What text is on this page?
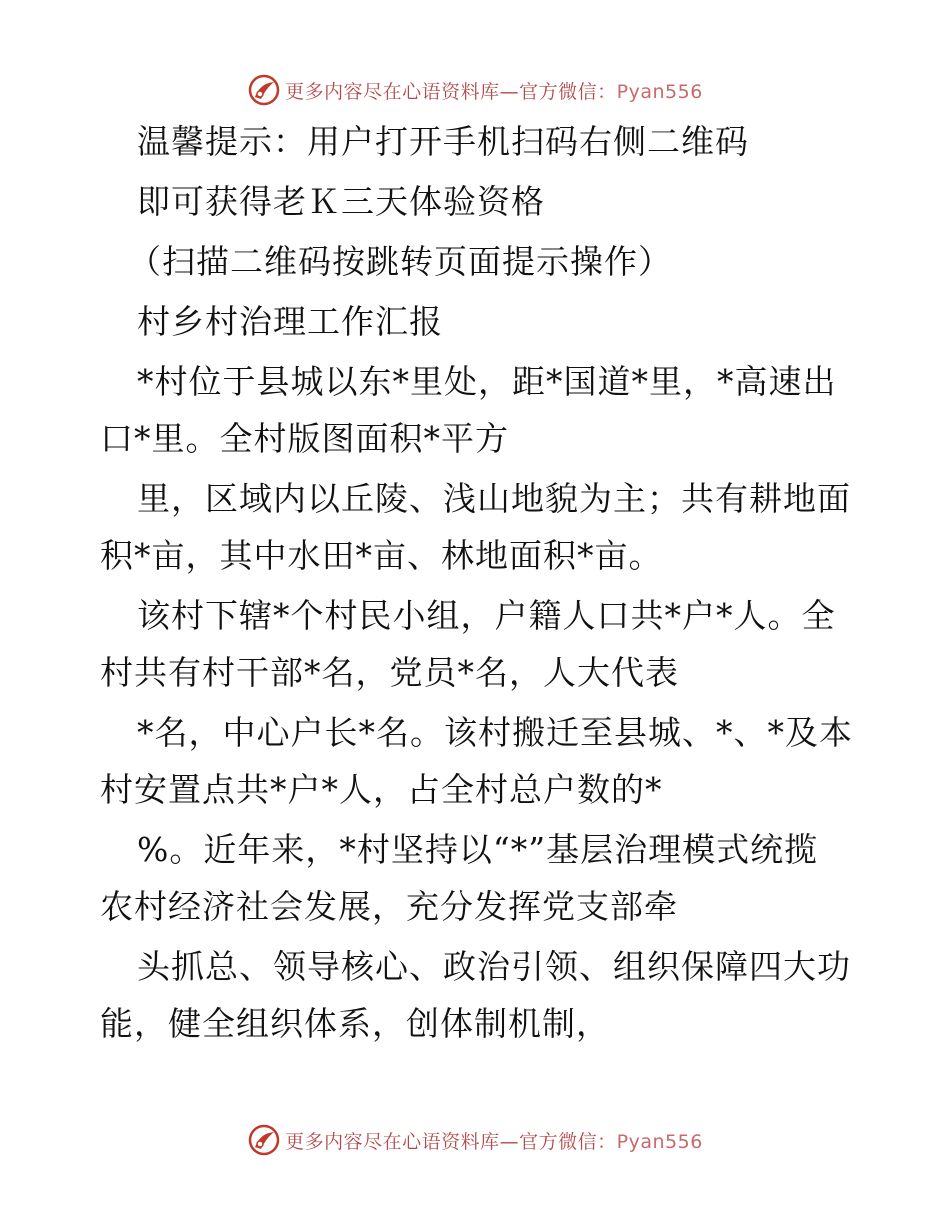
更多内容尽在心语资料库—官方微信：Pyan556
温馨提示：用户打开手机扫码右侧二维码
即可获得老Ｋ三天体验资格
（扫描二维码按跳转页面提示操作）
村乡村治理工作汇报
*村位于县城以东*里处，距*国道*里，*高速出
口*里。全村版图面积*平方
里，区域内以丘陵、浅山地貌为主；共有耕地面
积*亩，其中水田*亩、林地面积*亩。
该村下辖*个村民小组，户籍人口共*户*人。全
村共有村干部*名，党员*名，人大代表
*名，中心户长*名。该村搬迁至县城、*、*及本
村安置点共*户*人，占全村总户数的*
%。近年来，*村坚持以“*”基层治理模式统揽
农村经济社会发展，充分发挥党支部牵
头抓总、领导核心、政治引领、组织保障四大功
能，健全组织体系，创体制机制，
更多内容尽在心语资料库—官方微信：Pyan556
